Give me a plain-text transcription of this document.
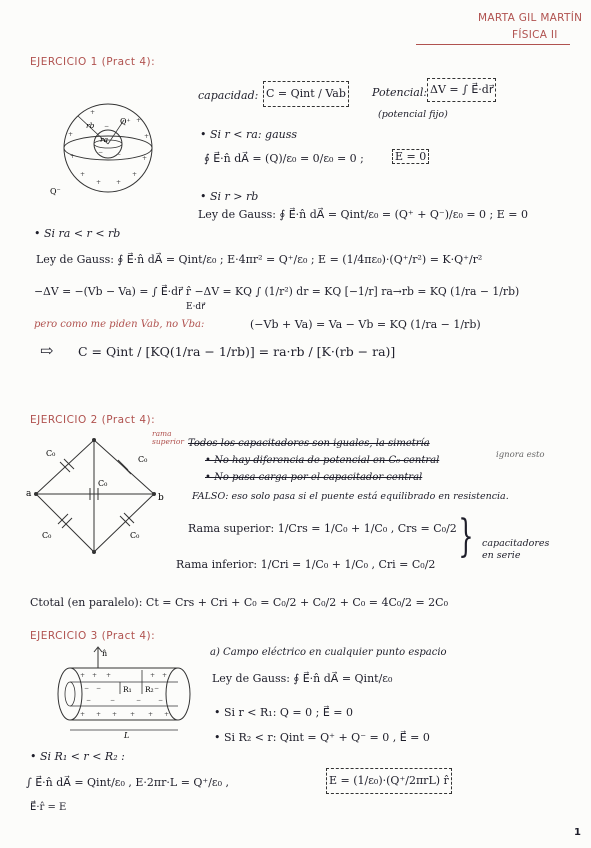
MARTA GIL MARTÍN
FÍSICA II
EJERCICIO 1 (Pract 4):
+
+
+ +
+
+
+
+
+
+
−
−
−
−
rb
ra
Q⁺
Q⁻
capacidad: C = Qint / Vab Potencial: ΔV = ∫ E⃗·dr⃗
(potencial fijo)
• Si r < ra: gauss
∮ E⃗·n̂ dA⃗ = (Q)/ε₀ = 0/ε₀ = 0 ;	E = 0
• Si r > rb
Ley de Gauss: ∮ E⃗·n̂ dA⃗ = Qint/ε₀ = (Q⁺ + Q⁻)/ε₀ = 0 ; E = 0
• Si ra < r < rb
Ley de Gauss: ∮ E⃗·n̂ dA⃗ = Qint/ε₀ ; E·4πr² = Q⁺/ε₀ ; E = (1/4πε₀)·(Q⁺/r²) = K·Q⁺/r²
−ΔV = −(Vb − Va) = ∫ E⃗·dr⃗ r̂ −ΔV = KQ ∫ (1/r²) dr = KQ [−1/r] ra→rb = KQ (1/ra − 1/rb)
E·dr⃗
pero como me piden Vab, no Vba:	(−Vb + Va) = Va − Vb = KQ (1/ra − 1/rb)
⇨ C = Qint / [KQ(1/ra − 1/rb)] = ra·rb / [K·(rb − ra)]
EJERCICIO 2 (Pract 4):
C₀
C₀
C₀
C₀	C₀
a	b
rama superior Todos los capacitadores son iguales, la simetría
• No hay diferencia de potencial en C₀ central
• No pasa carga por el capacitador central
ignora esto
FALSO: eso solo pasa si el puente está equilibrado en resistencia.
Rama superior: 1/Crs = 1/C₀ + 1/C₀ , Crs = C₀/2
Rama inferior: 1/Cri = 1/C₀ + 1/C₀ , Cri = C₀/2
} capacitadores en serie
Ctotal (en paralelo): Ct = Crs + Cri + C₀ = C₀/2 + C₀/2 + C₀ = 4C₀/2 = 2C₀
EJERCICIO 3 (Pract 4):
+ + +	+ +
+ + + + + +
− −	−
−	−	−	−
n̂
R₁ R₂
L
a) Campo eléctrico en cualquier punto espacio
Ley de Gauss: ∮ E⃗·n̂ dA⃗ = Qint/ε₀
• Si r < R₁: Q = 0 ; E⃗ = 0
• Si R₂ < r: Qint = Q⁺ + Q⁻ = 0 , E⃗ = 0
• Si R₁ < r < R₂ :
∫ E⃗·n̂ dA⃗ = Qint/ε₀ , E·2πr·L = Q⁺/ε₀ ,	E = (1/ε₀)·(Q⁺/2πrL) r̂
E⃗·r̂ = E
1
